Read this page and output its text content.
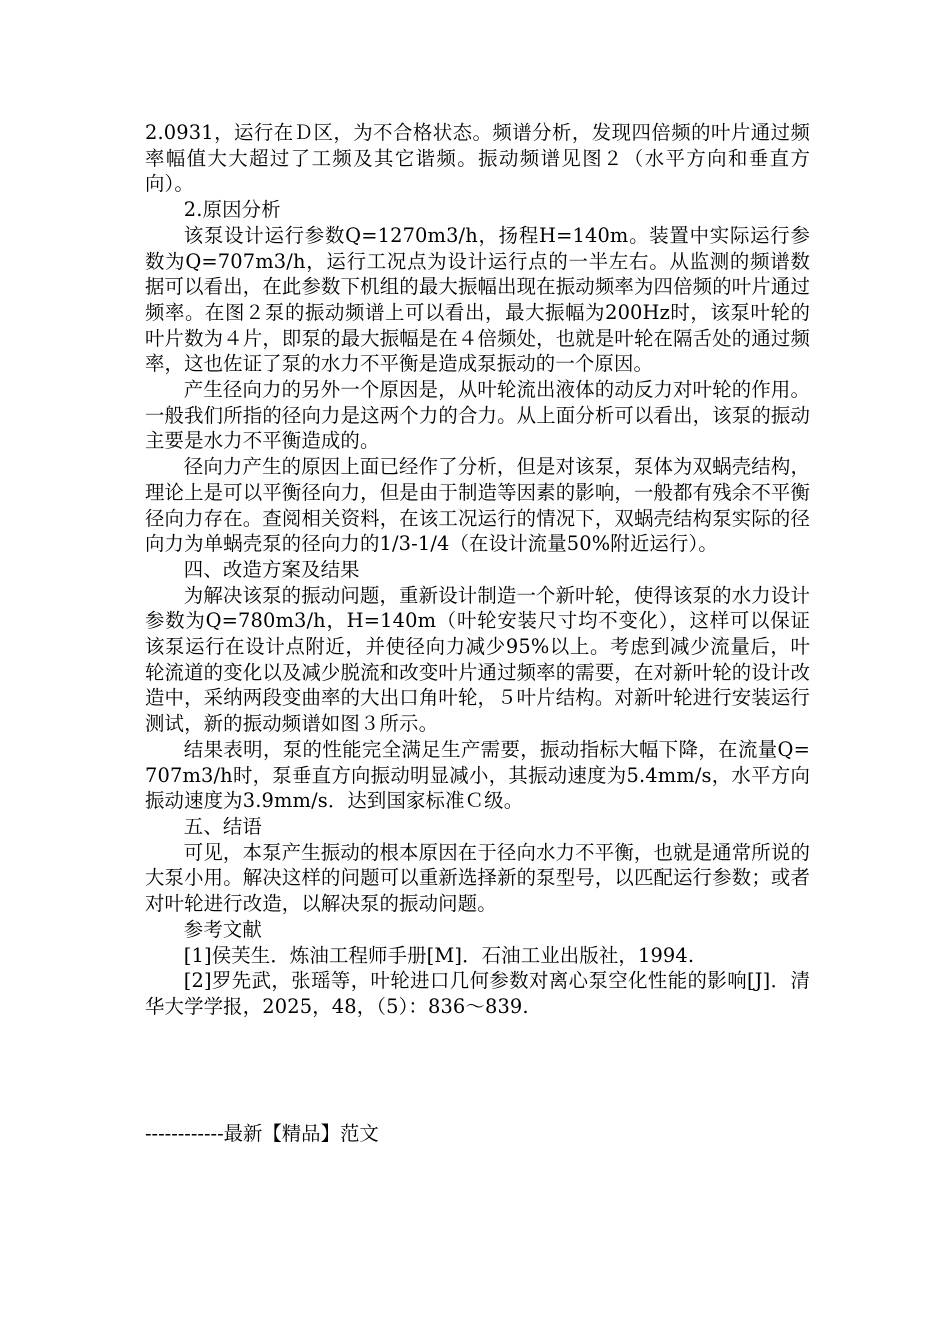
2.0931，运行在Ｄ区，为不合格状态。频谱分析，发现四倍频的叶片通过频率幅值大大超过了工频及其它谐频。振动频谱见图２（水平方向和垂直方向）。

2.原因分析

该泵设计运行参数Q=1270m3/h，扬程H=140m。装置中实际运行参数为Q=707m3/h，运行工况点为设计运行点的一半左右。从监测的频谱数据可以看出，在此参数下机组的最大振幅出现在振动频率为四倍频的叶片通过频率。在图２泵的振动频谱上可以看出，最大振幅为200Hz时，该泵叶轮的叶片数为４片，即泵的最大振幅是在４倍频处，也就是叶轮在隔舌处的通过频率，这也佐证了泵的水力不平衡是造成泵振动的一个原因。

产生径向力的另外一个原因是，从叶轮流出液体的动反力对叶轮的作用。一般我们所指的径向力是这两个力的合力。从上面分析可以看出，该泵的振动主要是水力不平衡造成的。

径向力产生的原因上面已经作了分析，但是对该泵，泵体为双蜗壳结构，理论上是可以平衡径向力，但是由于制造等因素的影响，一般都有残余不平衡径向力存在。查阅相关资料，在该工况运行的情况下，双蜗壳结构泵实际的径向力为单蜗壳泵的径向力的1/3-1/4（在设计流量50%附近运行）。

四、改造方案及结果

为解决该泵的振动问题，重新设计制造一个新叶轮，使得该泵的水力设计参数为Q=780m3/h，H=140m（叶轮安装尺寸均不变化），这样可以保证该泵运行在设计点附近，并使径向力减少95%以上。考虑到减少流量后，叶轮流道的变化以及减少脱流和改变叶片通过频率的需要，在对新叶轮的设计改造中，采纳两段变曲率的大出口角叶轮，５叶片结构。对新叶轮进行安装运行测试，新的振动频谱如图３所示。

结果表明，泵的性能完全满足生产需要，振动指标大幅下降，在流量Q=707m3/h时，泵垂直方向振动明显减小，其振动速度为5.4mm/s，水平方向振动速度为3.9mm/s．达到国家标准Ｃ级。

五、结语

可见，本泵产生振动的根本原因在于径向水力不平衡，也就是通常所说的大泵小用。解决这样的问题可以重新选择新的泵型号，以匹配运行参数；或者对叶轮进行改造，以解决泵的振动问题。

参考文献

[1]侯芙生．炼油工程师手册[M]．石油工业出版社，1994.

[2]罗先武，张瑶等，叶轮进口几何参数对离心泵空化性能的影响[J]．清华大学学报，2025，48，（5）：836～839.

------------最新【精品】范文
